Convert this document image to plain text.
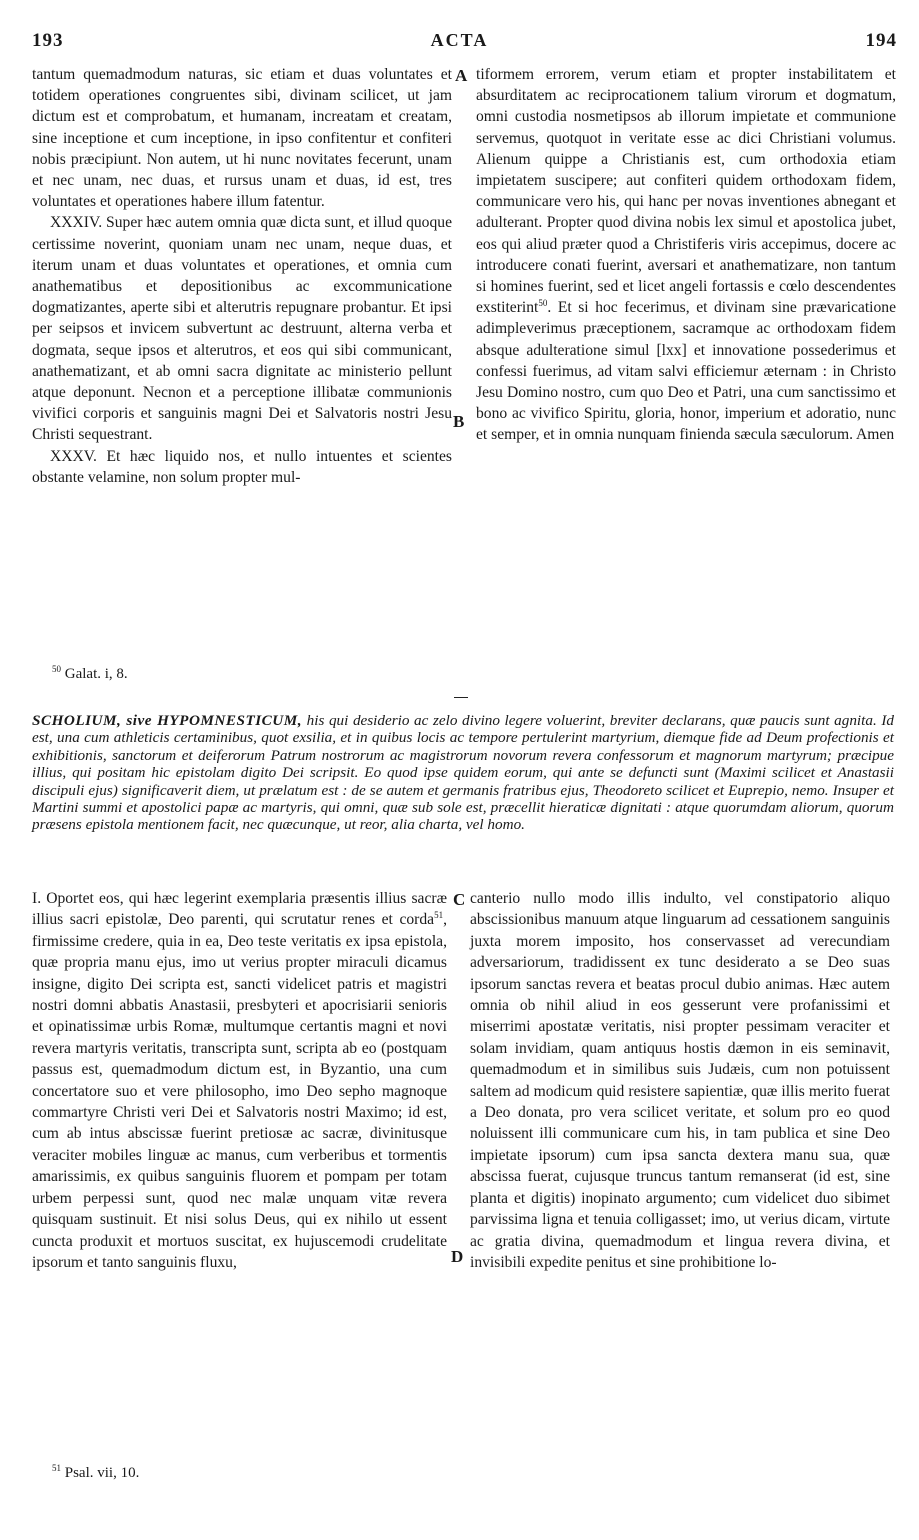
193	ACTA	194

tantum quemadmodum naturas, sic etiam et duas voluntates et totidem operationes congruentes sibi, divinam scilicet, ut jam dictum est et comprobatum, et humanam, increatam et creatam, sine inceptione et cum inceptione, in ipso confitentur et confiteri nobis præcipiunt. Non autem, ut hi nunc novitates fecerunt, unam et nec unam, nec duas, et rursus unam et duas, id est, tres voluntates et operationes habere illum fatentur.

XXXIV. Super hæc autem omnia quæ dicta sunt, et illud quoque certissime noverint, quoniam unam nec unam, neque duas, et iterum unam et duas voluntates et operationes, et omnia cum anathematibus et depositionibus ac excommunicatione dogmatizantes, aperte sibi et alterutris repugnare probantur. Et ipsi per seipsos et invicem subvertunt ac destruunt, alterna verba et dogmata, seque ipsos et alterutros, et eos qui sibi communicant, anathematizant, et ab omni sacra dignitate ac ministerio pellunt atque deponunt. Necnon et a perceptione illibatæ communionis vivifici corporis et sanguinis magni Dei et Salvatoris nostri Jesu Christi sequestrant.

XXXV. Et hæc liquido nos, et nullo intuentes et scientes obstante velamine, non solum propter mul-

A
B

tiformem errorem, verum etiam et propter instabilitatem et absurditatem ac reciprocationem talium virorum et dogmatum, omni custodia nosmetipsos ab illorum impietate et communione servemus, quotquot in veritate esse ac dici Christiani volumus. Alienum quippe a Christianis est, cum orthodoxia etiam impietatem suscipere; aut confiteri quidem orthodoxam fidem, communicare vero his, qui hanc per novas inventiones abnegant et adulterant. Propter quod divina nobis lex simul et apostolica jubet, eos qui aliud præter quod a Christiferis viris accepimus, docere ac introducere conati fuerint, aversari et anathematizare, non tantum si homines fuerint, sed et licet angeli fortassis e cœlo descendentes exstiterint$^{50}$. Et si hoc fecerimus, et divinam sine prævaricatione adimpleverimus præceptionem, sacramque ac orthodoxam fidem absque adulteratione simul [lxx] et innovatione possederimus et confessi fuerimus, ad vitam salvi efficiemur æternam : in Christo Jesu Domino nostro, cum quo Deo et Patri, una cum sanctissimo et bono ac vivifico Spiritu, gloria, honor, imperium et adoratio, nunc et semper, et in omnia nunquam finienda sæcula sæculorum. Amen

$^{50}$ Galat. i, 8.
SCHOLIUM, sive HYPOMNESTICUM, his qui desiderio ac zelo divino legere voluerint, breviter declarans, quæ paucis sunt agnita. Id est, una cum athleticis certaminibus, quot exsilia, et in quibus locis ac tempore pertulerint martyrium, diemque fide ad Deum profectionis et exhibitionis, sanctorum et deiferorum Patrum nostrorum ac magistrorum novorum revera confessorum et magnorum martyrum; præcipue illius, qui positam hic epistolam digito Dei scripsit. Eo quod ipse quidem eorum, qui ante se defuncti sunt (Maximi scilicet et Anastasii discipuli ejus) significaverit diem, ut prælatum est : de se autem et germanis fratribus ejus, Theodoreto scilicet et Euprepio, nemo. Insuper et Martini summi et apostolici papæ ac martyris, qui omni, quæ sub sole est, præcellit hieraticæ dignitati : atque quorumdam aliorum, quorum præsens epistola mentionem facit, nec quæcunque, ut reor, alia charta, vel homo.
C
D

I. Oportet eos, qui hæc legerint exemplaria præsentis illius sacræ illius sacri epistolæ, Deo parenti, qui scrutatur renes et corda$^{51}$, firmissime credere, quia in ea, Deo teste veritatis ex ipsa epistola, quæ propria manu ejus, imo ut verius propter miraculi dicamus insigne, digito Dei scripta est, sancti videlicet patris et magistri nostri domni abbatis Anastasii, presbyteri et apocrisiarii senioris et opinatissimæ urbis Romæ, multumque certantis magni et novi revera martyris veritatis, transcripta sunt, scripta ab eo (postquam passus est, quemadmodum dictum est, in Byzantio, una cum concertatore suo et vere philosopho, imo Deo sepho magnoque commartyre Christi veri Dei et Salvatoris nostri Maximo; id est, cum ab intus abscissæ fuerint pretiosæ ac sacræ, divinitusque veraciter mobiles linguæ ac manus, cum verberibus et tormentis amarissimis, ex quibus sanguinis fluorem et pompam per totam urbem perpessi sunt, quod nec malæ unquam vitæ revera quisquam sustinuit. Et nisi solus Deus, qui ex nihilo ut essent cuncta produxit et mortuos suscitat, ex hujuscemodi crudelitate ipsorum et tanto sanguinis fluxu,

canterio nullo modo illis indulto, vel constipatorio aliquo abscissionibus manuum atque linguarum ad cessationem sanguinis juxta morem imposito, hos conservasset ad verecundiam adversariorum, tradidissent ex tunc desiderato a se Deo suas ipsorum sanctas revera et beatas procul dubio animas. Hæc autem omnia ob nihil aliud in eos gesserunt vere profanissimi et miserrimi apostatæ veritatis, nisi propter pessimam veraciter et solam invidiam, quam antiquus hostis dæmon in eis seminavit, quemadmodum et in similibus suis Judæis, cum non potuissent saltem ad modicum quid resistere sapientiæ, quæ illis merito fuerat a Deo donata, pro vera scilicet veritate, et solum pro eo quod noluissent illi communicare cum his, in tam publica et sine Deo impietate ipsorum) cum ipsa sancta dextera manu sua, quæ abscissa fuerat, cujusque truncus tantum remanserat (id est, sine planta et digitis) inopinato argumento; cum videlicet duo sibimet parvissima ligna et tenuia colligasset; imo, ut verius dicam, virtute ac gratia divina, quemadmodum et lingua revera divina, et invisibili expedite penitus et sine prohibitione lo-

$^{51}$ Psal. vii, 10.
